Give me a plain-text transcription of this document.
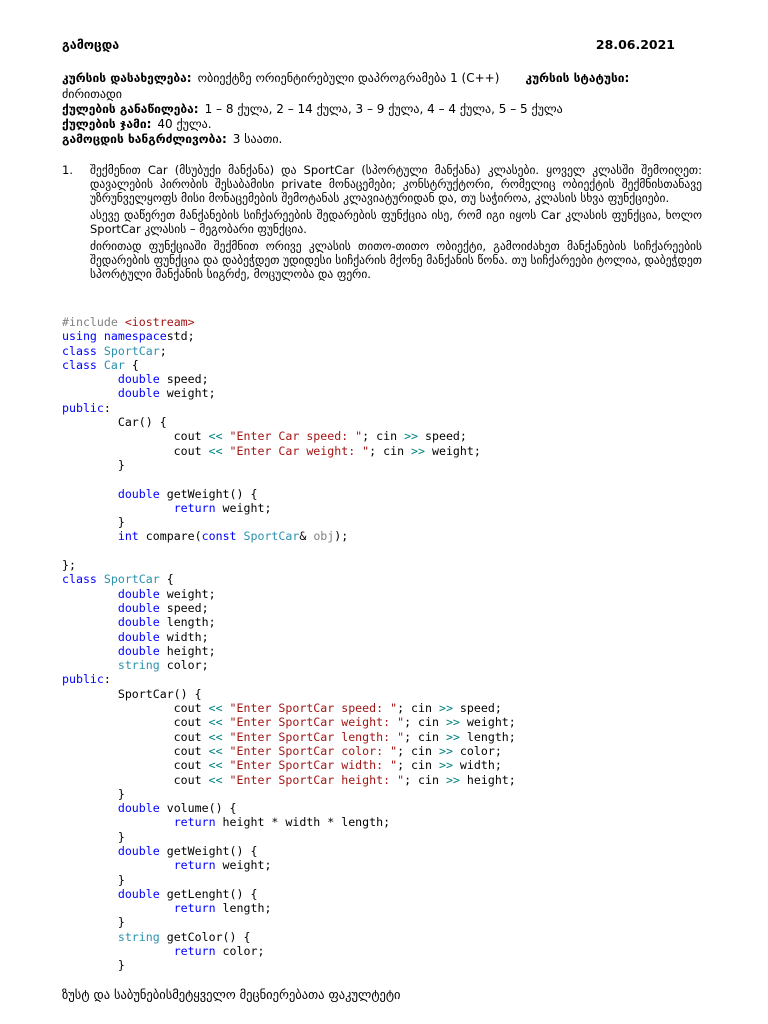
გამოცდა	28.06.2021
კურსის დასახელება: ობიექტზე ორიენტირებული დაპროგრამება 1 (C++) კურსის სტატუსი:
ძირითადი
ქულების განაწილება: 1 – 8 ქულა, 2 – 14 ქულა, 3 – 9 ქულა, 4 – 4 ქულა, 5 – 5 ქულა
ქულების ჯამი: 40 ქულა.
გამოცდის ხანგრძლივობა: 3 საათი.
1. შექმენით Car (მსუბუქი მანქანა) და SportCar (სპორტული მანქანა) კლასები. ყოველ კლასში შემოიღეთ: დავალების პირობის შესაბამისი private მონაცემები; კონსტრუქტორი, რომელიც ობიექტის შექმნისთანავე უზრუნველყოფს მისი მონაცემების შემოტანას კლავიატურიდან და, თუ საჭიროა, კლასის სხვა ფუნქციები.
ასევე დაწერეთ მანქანების სიჩქარეების შედარების ფუნქცია ისე, რომ იგი იყოს Car კლასის ფუნქცია, ხოლო SportCar კლასის – მეგობარი ფუნქცია.
ძირითად ფუნქციაში შექმნით ორივე კლასის თითო-თითო ობიექტი, გამოიძახეთ მანქანების სიჩქარეების შედარების ფუნქცია და დაბეჭდეთ უდიდესი სიჩქარის მქონე მანქანის წონა. თუ სიჩქარეები ტოლია, დაბეჭდეთ სპორტული მანქანის სიგრძე, მოცულობა და ფერი.
#include <iostream>
using namespacestd;
class SportCar;
class Car {
double speed;
double weight;
public:
Car() {
cout << "Enter Car speed: "; cin >> speed;
cout << "Enter Car weight: "; cin >> weight;
}
double getWeight() {
return weight;
}
int compare(const SportCar& obj);
};
class SportCar {
double weight;
double speed;
double length;
double width;
double height;
string color;
public:
SportCar() {
cout << "Enter SportCar speed: "; cin >> speed;
cout << "Enter SportCar weight: "; cin >> weight;
cout << "Enter SportCar length: "; cin >> length;
cout << "Enter SportCar color: "; cin >> color;
cout << "Enter SportCar width: "; cin >> width;
cout << "Enter SportCar height: "; cin >> height;
}
double volume() {
return height * width * length;
}
double getWeight() {
return weight;
}
double getLenght() {
return length;
}
string getColor() {
return color;
}
ზუსტ და საბუნებისმეტყველო მეცნიერებათა ფაკულტეტი
